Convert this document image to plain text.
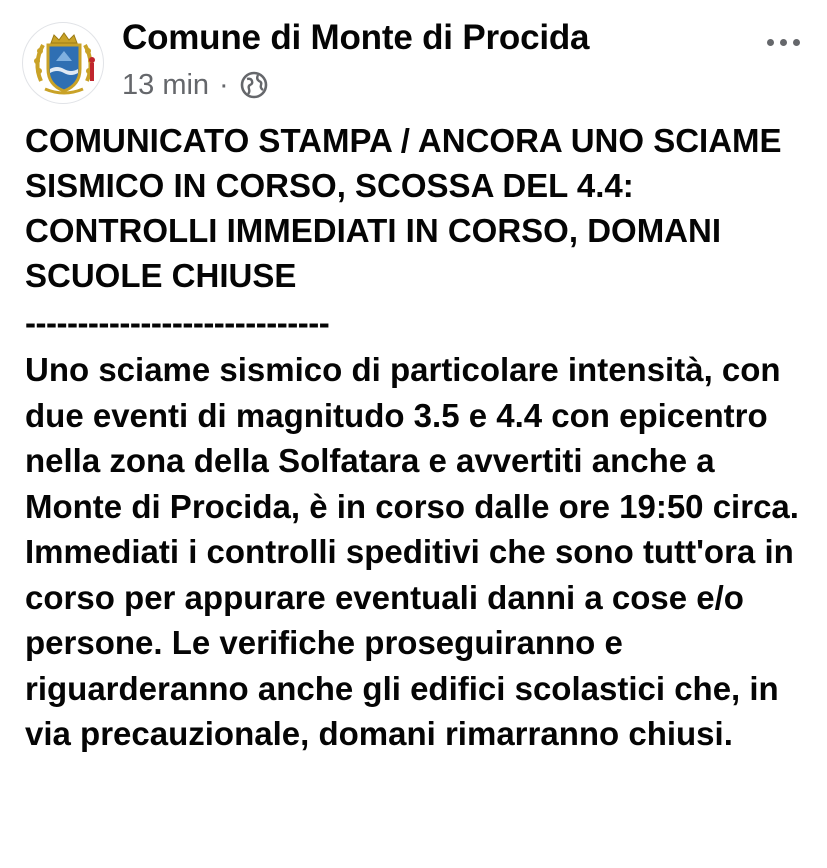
Comune di Monte di Procida
13 min ·

COMUNICATO STAMPA / ANCORA UNO SCIAME SISMICO IN CORSO, SCOSSA DEL 4.4: CONTROLLI IMMEDIATI IN CORSO, DOMANI SCUOLE CHIUSE

-----------------------------

Uno sciame sismico di particolare intensità, con due eventi di magnitudo 3.5 e 4.4 con epicentro nella zona della Solfatara e avvertiti anche a Monte di Procida, è in corso dalle ore 19:50 circa. Immediati i controlli speditivi che sono tutt'ora in corso per appurare eventuali danni a cose e/o persone. Le verifiche proseguiranno e riguarderanno anche gli edifici scolastici che, in via precauzionale, domani rimarranno chiusi.
